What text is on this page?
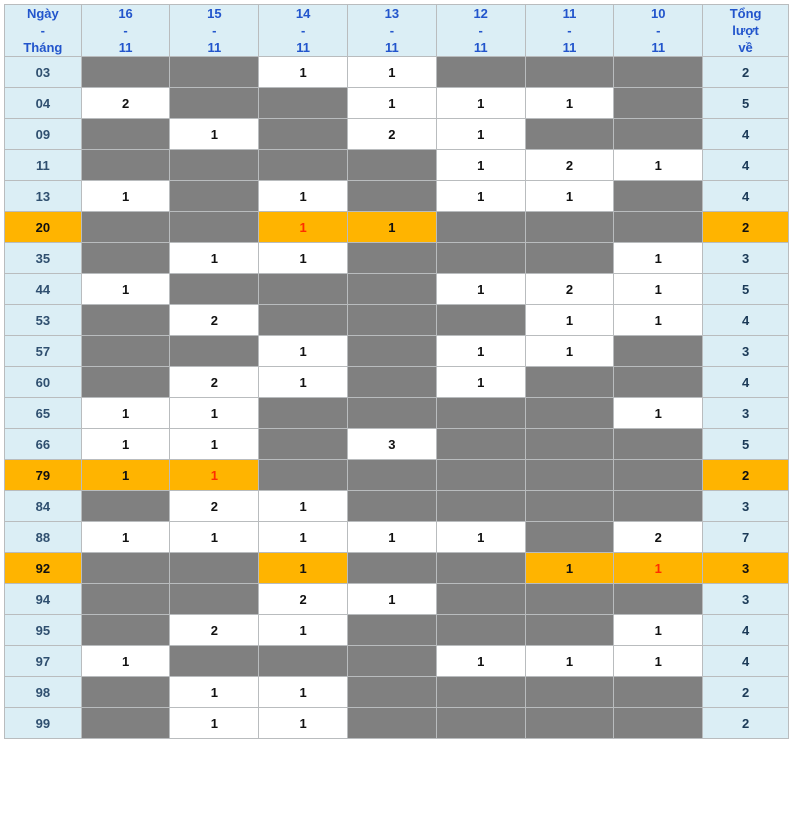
Ngày
-
Tháng	16
-
11	15
-
11	14
-
11	13
-
11	12
-
11	11
-
11	10
-
11	Tổng
lượt
về

03			1	1				2
04	2			1	1	1		5
09		1		2	1			4
11					1	2	1	4
13	1		1		1	1		4
20			1	1				2
35		1	1				1	3
44	1				1	2	1	5
53		2				1	1	4
57			1		1	1		3
60		2	1		1			4
65	1	1					1	3
66	1	1		3				5
79	1	1						2
84		2	1					3
88	1	1	1	1	1		2	7
92			1			1	1	3
94			2	1				3
95		2	1				1	4
97	1				1	1	1	4
98		1	1					2
99		1	1					2
